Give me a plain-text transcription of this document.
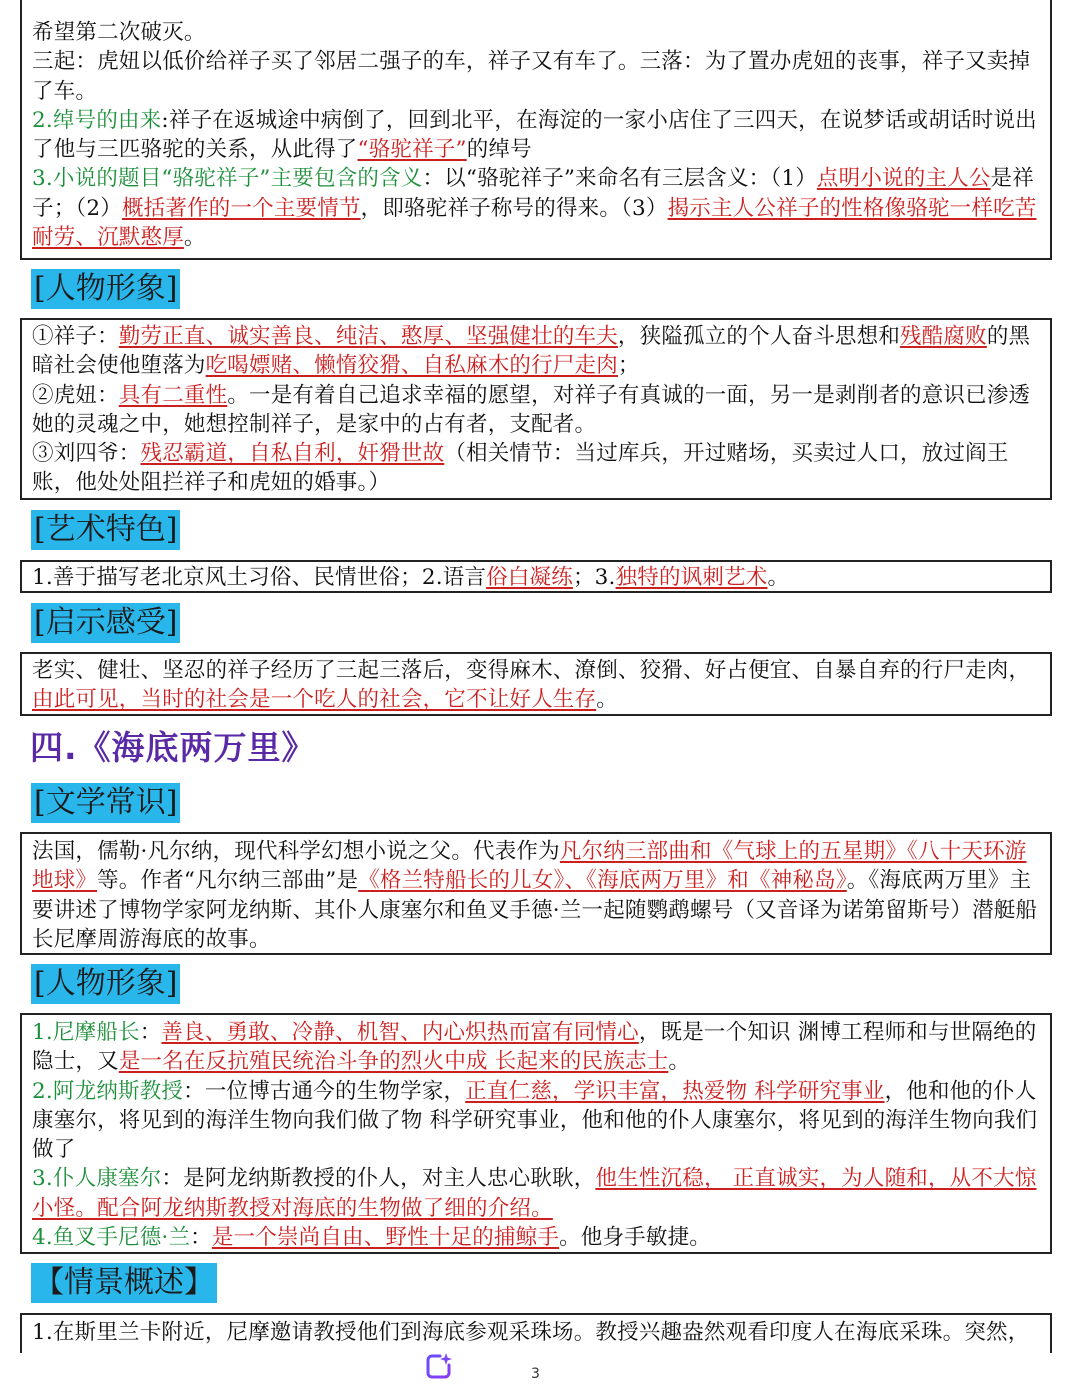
希望第二次破灭。

三起：虎妞以低价给祥子买了邻居二强子的车，祥子又有车了。三落：为了置办虎妞的丧事，祥子又卖掉了车。

2.绰号的由来:祥子在返城途中病倒了，回到北平，在海淀的一家小店住了三四天，在说梦话或胡话时说出了他与三匹骆驼的关系，从此得了“骆驼祥子”的绰号

3.小说的题目“骆驼祥子”主要包含的含义：以“骆驼祥子”来命名有三层含义：（1）点明小说的主人公是祥子；（2）概括著作的一个主要情节，即骆驼祥子称号的得来。（3）揭示主人公祥子的性格像骆驼一样吃苦耐劳、沉默憨厚。

[人物形象]

①祥子：勤劳正直、诚实善良、纯洁、憨厚、坚强健壮的车夫，狭隘孤立的个人奋斗思想和残酷腐败的黑暗社会使他堕落为吃喝嫖赌、懒惰狡猾、自私麻木的行尸走肉；

②虎妞：具有二重性。一是有着自己追求幸福的愿望，对祥子有真诚的一面，另一是剥削者的意识已渗透她的灵魂之中，她想控制祥子，是家中的占有者，支配者。

③刘四爷：残忍霸道，自私自利，奸猾世故（相关情节：当过库兵，开过赌场，买卖过人口，放过阎王账，他处处阻拦祥子和虎妞的婚事。）

[艺术特色]

1.善于描写老北京风土习俗、民情世俗；2.语言俗白凝练；3.独特的讽刺艺术。

[启示感受]

老实、健壮、坚忍的祥子经历了三起三落后，变得麻木、潦倒、狡猾、好占便宜、自暴自弃的行尸走肉，由此可见，当时的社会是一个吃人的社会，它不让好人生存。

四.《海底两万里》
[文学常识]

法国，儒勒·凡尔纳，现代科学幻想小说之父。代表作为凡尔纳三部曲和《气球上的五星期》《八十天环游地球》等。作者“凡尔纳三部曲”是《格兰特船长的儿女》、《海底两万里》和《神秘岛》。《海底两万里》主要讲述了博物学家阿龙纳斯、其仆人康塞尔和鱼叉手德·兰一起随鹦鹉螺号（又音译为诺第留斯号）潜艇船长尼摩周游海底的故事。

[人物形象]

1.尼摩船长：善良、勇敢、冷静、机智、内心炽热而富有同情心，既是一个知识 渊博工程师和与世隔绝的隐士，又是一名在反抗殖民统治斗争的烈火中成 长起来的民族志士。

2.阿龙纳斯教授：一位博古通今的生物学家，正直仁慈，学识丰富，热爱物 科学研究事业，他和他的仆人康塞尔，将见到的海洋生物向我们做了物 科学研究事业，他和他的仆人康塞尔，将见到的海洋生物向我们做了

3.仆人康塞尔：是阿龙纳斯教授的仆人，对主人忠心耿耿，他生性沉稳， 正直诚实，为人随和，从不大惊小怪。配合阿龙纳斯教授对海底的生物做了细的介绍。

4.鱼叉手尼德·兰：是一个崇尚自由、野性十足的捕鲸手。他身手敏捷。

【情景概述】

1.在斯里兰卡附近，尼摩邀请教授他们到海底参观采珠场。教授兴趣盎然观看印度人在海底采珠。突然，

3
